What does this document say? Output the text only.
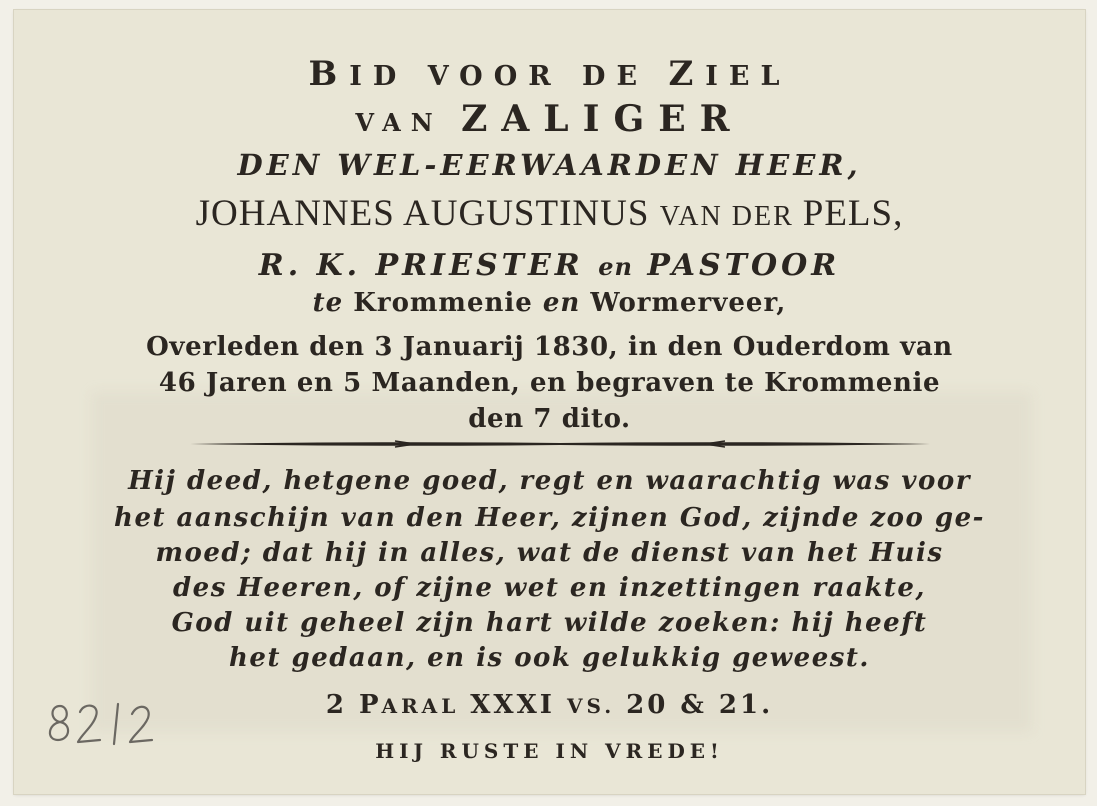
BID VOOR DE ZIEL
VAN ZALIGER
DEN WEL-EERWAARDEN HEER,
JOHANNES AUGUSTINUS VAN DER PELS,
R. K. PRIESTER en PASTOOR
te Krommenie en Wormerveer,
Overleden den 3 Januarij 1830, in den Ouderdom van
46 Jaren en 5 Maanden, en begraven te Krommenie
den 7 dito.
Hij deed, hetgene goed, regt en waarachtig was voor
het aanschijn van den Heer, zijnen God, zijnde zoo ge-
moed; dat hij in alles, wat de dienst van het Huis
des Heeren, of zijne wet en inzettingen raakte,
God uit geheel zijn hart wilde zoeken: hij heeft
het gedaan, en is ook gelukkig geweest.
2 PARAL XXXI VS. 20 & 21.
HIJ RUSTE IN VREDE!
